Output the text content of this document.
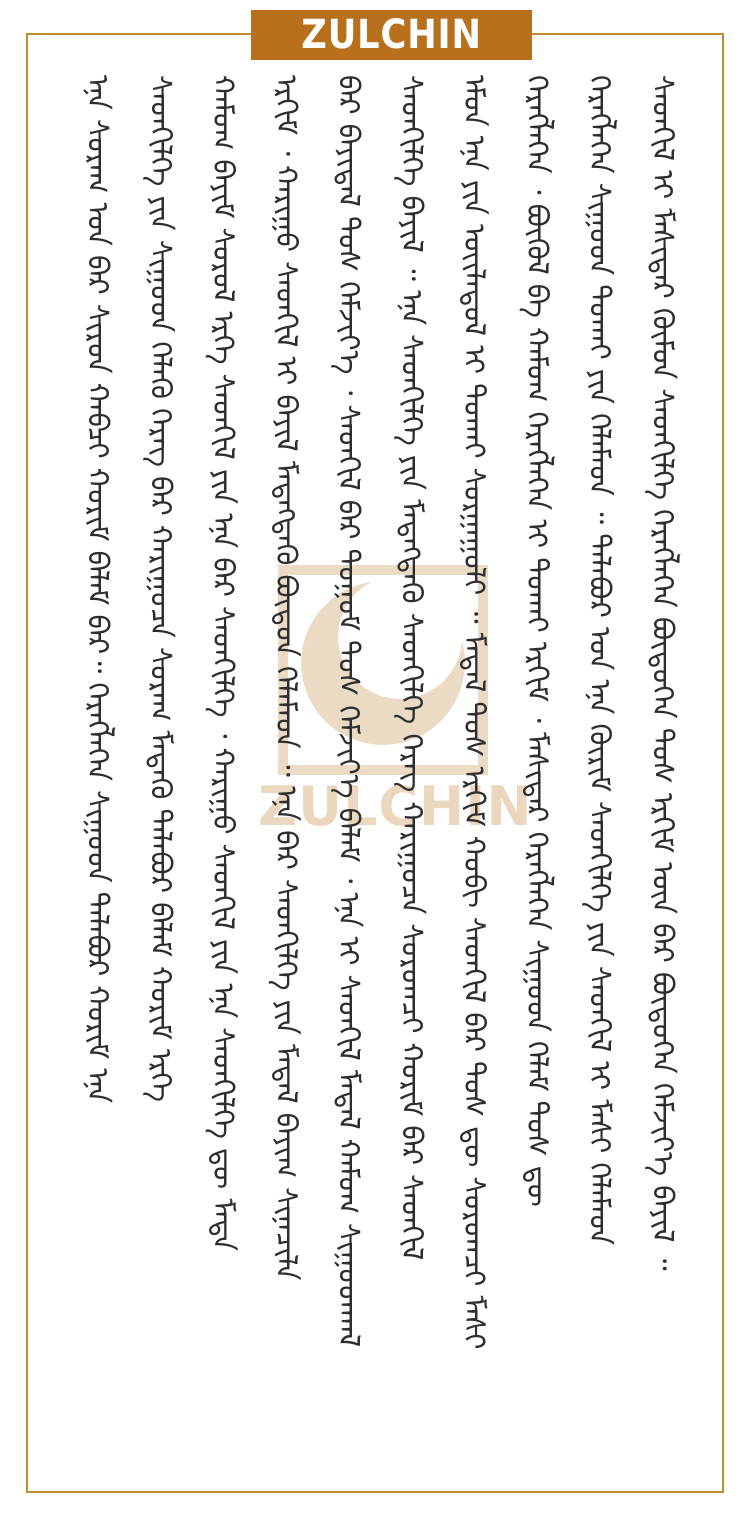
ZULCHIN
ZULCHIN
ᠡᠨᠡ ᠰᠤᠷᠠᠭ ᠤᠨ ᠪᠡᠷ ᠰᠢᠷᠦᠨ ᠬᠠᠪᠴᠢ ᠬᠤᠷᠢᠮ ᠪᠠᠯᠠᠮ ᠪᠡᠷ᠃ ᠬᠡᠷᠡᠭᠯᠡᠭᠡᠨ ᠰᠢᠭᠤᠳ ᠲᠠᠯᠠᠪᠤᠷ ᠬᠤᠷᠢᠮ ᠡᠨᠡ ᠰᠡᠳᠭᠢᠯᠭᠡ ᠶᠢᠨ ᠰᠢᠭᠤᠳ ᠬᠡᠯᠡᠬᠦ ᠬᠡᠷᠡᠭ ᠪᠡᠷ ᠬᠠᠷᠢᠭᠤᠴᠠ ᠰᠤᠷᠠᠭ ᠮᠡᠳᠡᠬᠦ ᠲᠠᠯᠠᠪᠤᠷ ᠪᠠᠯᠠᠮ ᠬᠤᠷᠢᠮ ᠡᠷᠬᠡ ᠬᠠᠮᠤᠭ ᠪᠠᠶᠢᠮ ᠰᠤᠷᠤᠯ ᠡᠷᠬᠡ ᠰᠡᠳᠬᠢᠯ ᠶᠢᠨ ᠡᠨᠡ ᠪᠡᠷ ᠰᠡᠳᠭᠢᠯᠭᠡ ᠂ ᠬᠠᠷᠢᠭᠤ ᠰᠡᠳᠬᠢᠯ ᠶᠢᠨ ᠡᠨᠡ ᠰᠡᠳᠭᠢᠯᠭᠡ ᠳᠦ ᠮᠡᠳᠡ ᠡᠷᠬᠢᠮ ᠂ ᠬᠠᠷᠢᠭᠤ ᠰᠡᠳᠬᠢᠯ ᠢ ᠪᠠᠶᠢᠯ ᠮᠡᠳᠡᠭᠳᠡᠭᠦ ᠪᠦᠳᠦᠨ ᠬᠡᠯᠡᠮᠡᠳ ᠃ ᠡᠨᠡ ᠪᠡᠷ ᠰᠡᠳᠭᠢᠯᠭᠡ ᠶᠢᠨ ᠮᠡᠳᠡᠯ ᠪᠠᠶᠢᠭ ᠰᠢᠨᠡᠴᠢᠯᠡ ᠪᠡᠷ ᠪᠠᠶᠢᠳᠠᠯ ᠲᠤᠰ ᠬᠡᠮᠵᠢᠶ᠎ᠡ ᠂ ᠰᠡᠳᠬᠢᠯ ᠪᠡᠷ ᠳᠤᠭᠤᠮ ᠲᠤᠰ ᠬᠡᠮᠵᠢᠶ᠎ᠡ ᠪᠠᠯᠠᠮ ᠂ ᠡᠨᠡ ᠢ ᠰᠡᠳᠬᠢᠯ ᠮᠡᠳᠡᠯ ᠬᠠᠮᠤᠭ ᠰᠢᠭᠤᠳᠬᠠᠯ ᠰᠡᠳᠭᠢᠯᠭᠡ ᠪᠠᠶᠢᠯ ᠃ ᠡᠨᠡ ᠰᠡᠳᠭᠢᠯᠭᠡ ᠶᠢᠨ ᠮᠡᠳᠡᠭᠳᠡᠭᠦ ᠰᠡᠳᠭᠢᠯᠭᠡ ᠬᠡᠷᠡᠭ ᠬᠠᠷᠢᠭᠤᠴᠠ ᠰᠤᠷᠤᠭᠴᠢ ᠬᠤᠷᠢᠮ ᠪᠡᠷ ᠰᠡᠳᠬᠢᠯ ᠡᠮᠦᠨ ᠡᠨᠡ ᠶᠢᠨ ᠦᠢᠯᠡᠳᠦᠯ ᠢ ᠲᠤᠬᠠᠢ ᠰᠤᠷᠭᠠᠭᠤᠯᠢ ᠃ ᠮᠡᠳᠡᠯ ᠲᠤᠰ ᠡᠷᠬᠢᠮ ᠬᠤᠪᠢ ᠰᠡᠳᠬᠢᠯ ᠪᠡᠷ ᠲᠤᠰ ᠳᠦ ᠰᠤᠷᠤᠭᠴᠢ ᠮᠠᠰᠢ ᠬᠡᠷᠡᠭᠯᠡᠭᠡᠨ ᠂ ᠪᠦᠬᠦᠯ ᠪᠠ ᠬᠠᠮᠤᠭ ᠬᠡᠷᠡᠭᠯᠡᠭᠡᠨ ᠢ ᠲᠤᠬᠠᠢ ᠡᠷᠬᠢᠮ ᠂ ᠮᠠᠰᠢᠳᠠᠷ ᠬᠡᠷᠡᠭᠯᠡᠭᠡᠨ ᠰᠢᠭᠤᠳ ᠬᠡᠯᠡᠮ ᠲᠤᠰ ᠳᠦ ᠬᠡᠷᠡᠭᠯᠡᠭᠡᠨ ᠰᠢᠭᠤᠳ ᠲᠤᠬᠠᠢ ᠶᠢᠨ ᠬᠡᠯᠡᠮᠡᠳ ᠃ ᠲᠠᠯᠠᠪᠤᠷ ᠤᠨ ᠡᠨᠡ ᠬᠦᠷᠢᠮ ᠰᠡᠳᠭᠢᠯᠭᠡ ᠶᠢᠨ ᠰᠡᠳᠬᠢᠯ ᠢ ᠮᠠᠰᠢ ᠬᠡᠯᠡᠮᠡᠳ ᠰᠡᠳᠬᠢᠯ ᠢ ᠮᠠᠰᠢᠳᠠᠷ ᠬᠦᠮᠦᠨ ᠰᠡᠳᠭᠢᠯᠭᠡ ᠬᠡᠷᠡᠭᠯᠡᠭᠡᠨ ᠪᠦᠲᠦᠭᠡᠨ ᠲᠤᠰ ᠡᠷᠬᠢᠮ ᠦᠨ ᠪᠡᠷ ᠪᠦᠲᠦᠭᠡᠨ ᠬᠡᠮᠵᠢᠶ᠎ᠡ ᠪᠠᠶᠢᠯ ᠃
